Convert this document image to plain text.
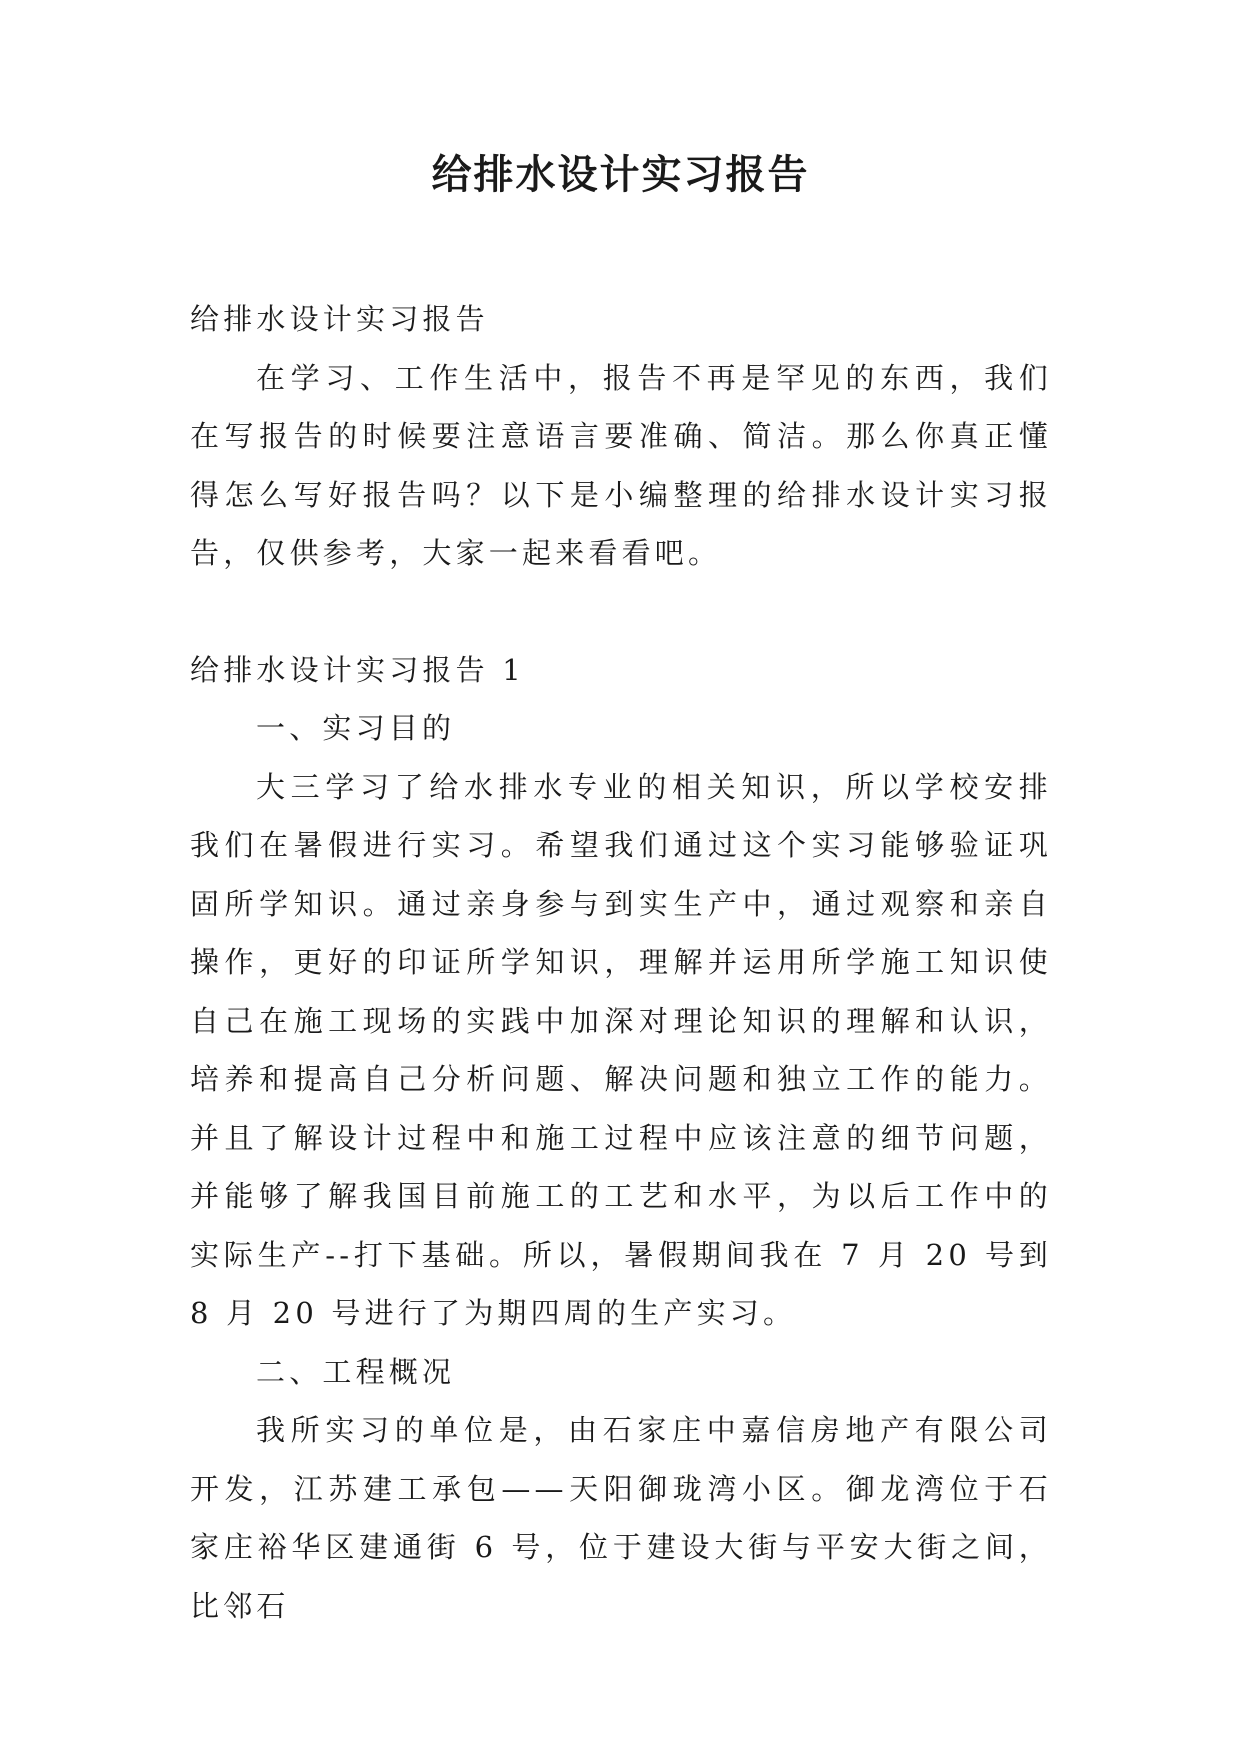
给排水设计实习报告

给排水设计实习报告

在学习、工作生活中，报告不再是罕见的东西，我们在写报告的时候要注意语言要准确、简洁。那么你真正懂得怎么写好报告吗？以下是小编整理的给排水设计实习报告，仅供参考，大家一起来看看吧。

给排水设计实习报告 1

一、实习目的

大三学习了给水排水专业的相关知识，所以学校安排我们在暑假进行实习。希望我们通过这个实习能够验证巩固所学知识。通过亲身参与到实生产中，通过观察和亲自操作，更好的印证所学知识，理解并运用所学施工知识使自己在施工现场的实践中加深对理论知识的理解和认识，培养和提高自己分析问题、解决问题和独立工作的能力。并且了解设计过程中和施工过程中应该注意的细节问题，并能够了解我国目前施工的工艺和水平，为以后工作中的实际生产--打下基础。所以，暑假期间我在 7 月 20 号到 8 月 20 号进行了为期四周的生产实习。

二、工程概况

我所实习的单位是，由石家庄中嘉信房地产有限公司开发，江苏建工承包——天阳御珑湾小区。御龙湾位于石家庄裕华区建通街 6 号，位于建设大街与平安大街之间，比邻石
